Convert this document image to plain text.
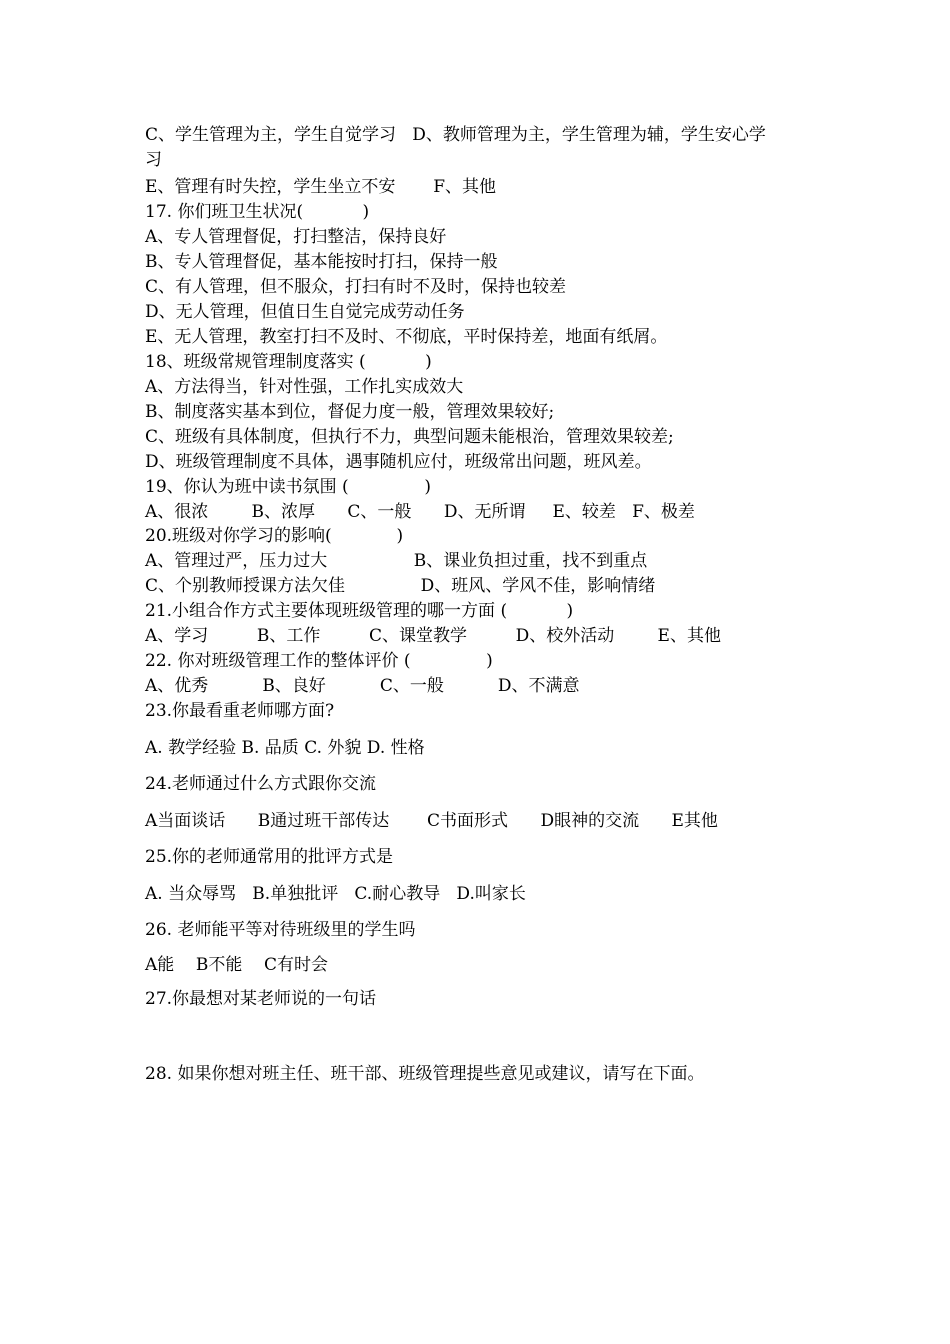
C、学生管理为主，学生自觉学习   D、教师管理为主，学生管理为辅，学生安心学
习
E、管理有时失控，学生坐立不安       F、其他
17. 你们班卫生状况(           )
A、专人管理督促，打扫整洁，保持良好
B、专人管理督促，基本能按时打扫，保持一般
C、有人管理，但不服众，打扫有时不及时，保持也较差
D、无人管理，但值日生自觉完成劳动任务
E、无人管理，教室打扫不及时、不彻底，平时保持差，地面有纸屑。
18、班级常规管理制度落实 (           )
A、方法得当，针对性强，工作扎实成效大
B、制度落实基本到位，督促力度一般，管理效果较好;
C、班级有具体制度，但执行不力，典型问题未能根治，管理效果较差;
D、班级管理制度不具体，遇事随机应付，班级常出问题，班风差。
19、你认为班中读书氛围 (              )
A、很浓        B、浓厚      C、一般      D、无所谓     E、较差   F、极差
20.班级对你学习的影响(            )
A、管理过严，压力过大                B、课业负担过重，找不到重点
C、个别教师授课方法欠佳              D、班风、学风不佳，影响情绪
21.小组合作方式主要体现班级管理的哪一方面 (           )
A、学习         B、工作         C、课堂教学         D、校外活动        E、其他
22. 你对班级管理工作的整体评价 (              )
A、优秀          B、良好          C、一般          D、不满意
23.你最看重老师哪方面?
A. 教学经验 B. 品质 C. 外貌 D. 性格
24.老师通过什么方式跟你交流
A当面谈话      B通过班干部传达       C书面形式      D眼神的交流      E其他
25.你的老师通常用的批评方式是
A. 当众辱骂   B.单独批评   C.耐心教导   D.叫家长
26. 老师能平等对待班级里的学生吗
A能    B不能    C有时会
27.你最想对某老师说的一句话
28. 如果你想对班主任、班干部、班级管理提些意见或建议，请写在下面。
